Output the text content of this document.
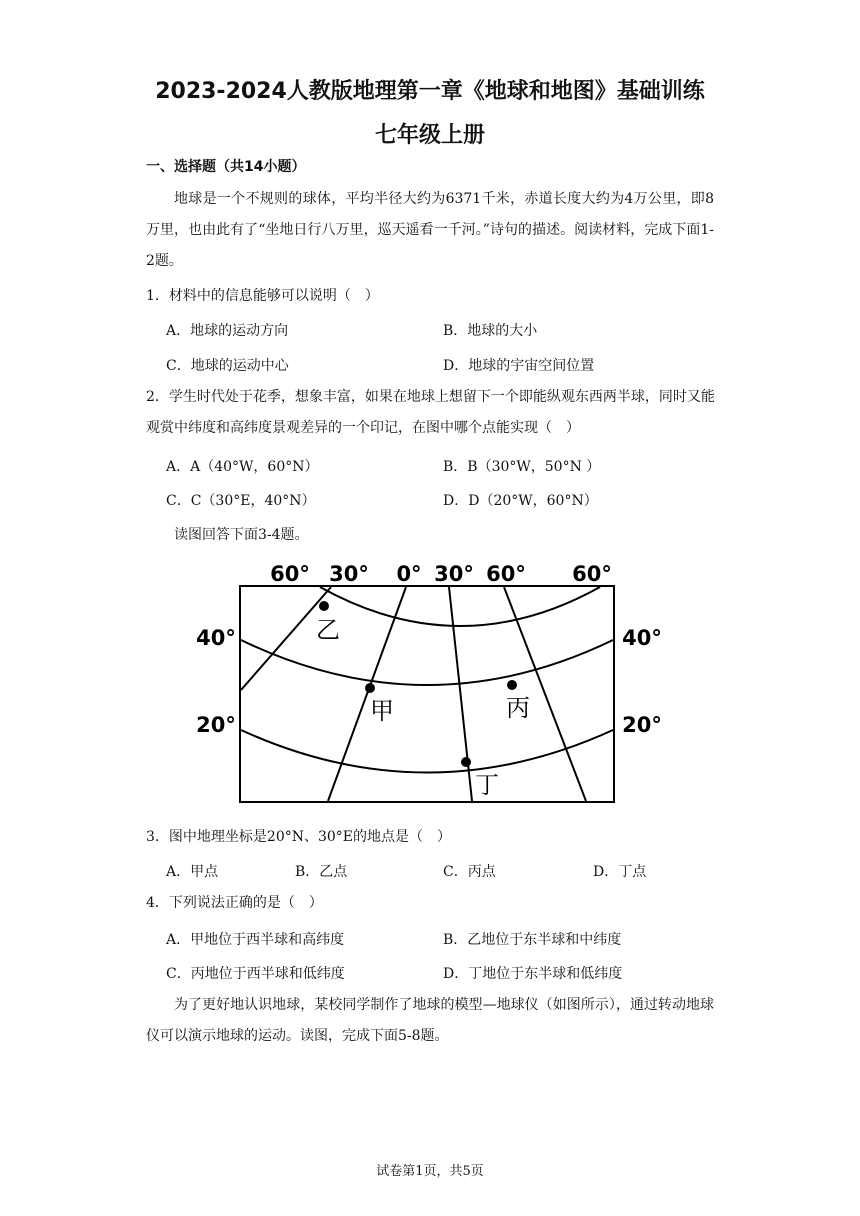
2023-2024人教版地理第一章《地球和地图》基础训练
七年级上册
一、选择题（共14小题）
地球是一个不规则的球体，平均半径大约为6371千米，赤道长度大约为4万公里，即8万里，也由此有了“坐地日行八万里，巡天遥看一千河。”诗句的描述。阅读材料，完成下面1-2题。
1．材料中的信息能够可以说明（　）
A．地球的运动方向	B．地球的大小
C．地球的运动中心	D．地球的宇宙空间位置
2．学生时代处于花季，想象丰富，如果在地球上想留下一个即能纵观东西两半球，同时又能观赏中纬度和高纬度景观差异的一个印记，在图中哪个点能实现（　）
A．A（40°W，60°N）	B．B（30°W，50°N ）
C．C（30°E，40°N）	D．D（20°W，60°N）
读图回答下面3-4题。
60° 30° 0° 30° 60° 60°
40°
20°
40°
20°
乙
甲	丙
丁
3．图中地理坐标是20°N、30°E的地点是（　）
A．甲点	B．乙点	C．丙点	D．丁点
4．下列说法正确的是（　）
A．甲地位于西半球和高纬度	B．乙地位于东半球和中纬度
C．丙地位于西半球和低纬度	D．丁地位于东半球和低纬度
为了更好地认识地球，某校同学制作了地球的模型—地球仪（如图所示），通过转动地球仪可以演示地球的运动。读图，完成下面5-8题。
试卷第1页，共5页
